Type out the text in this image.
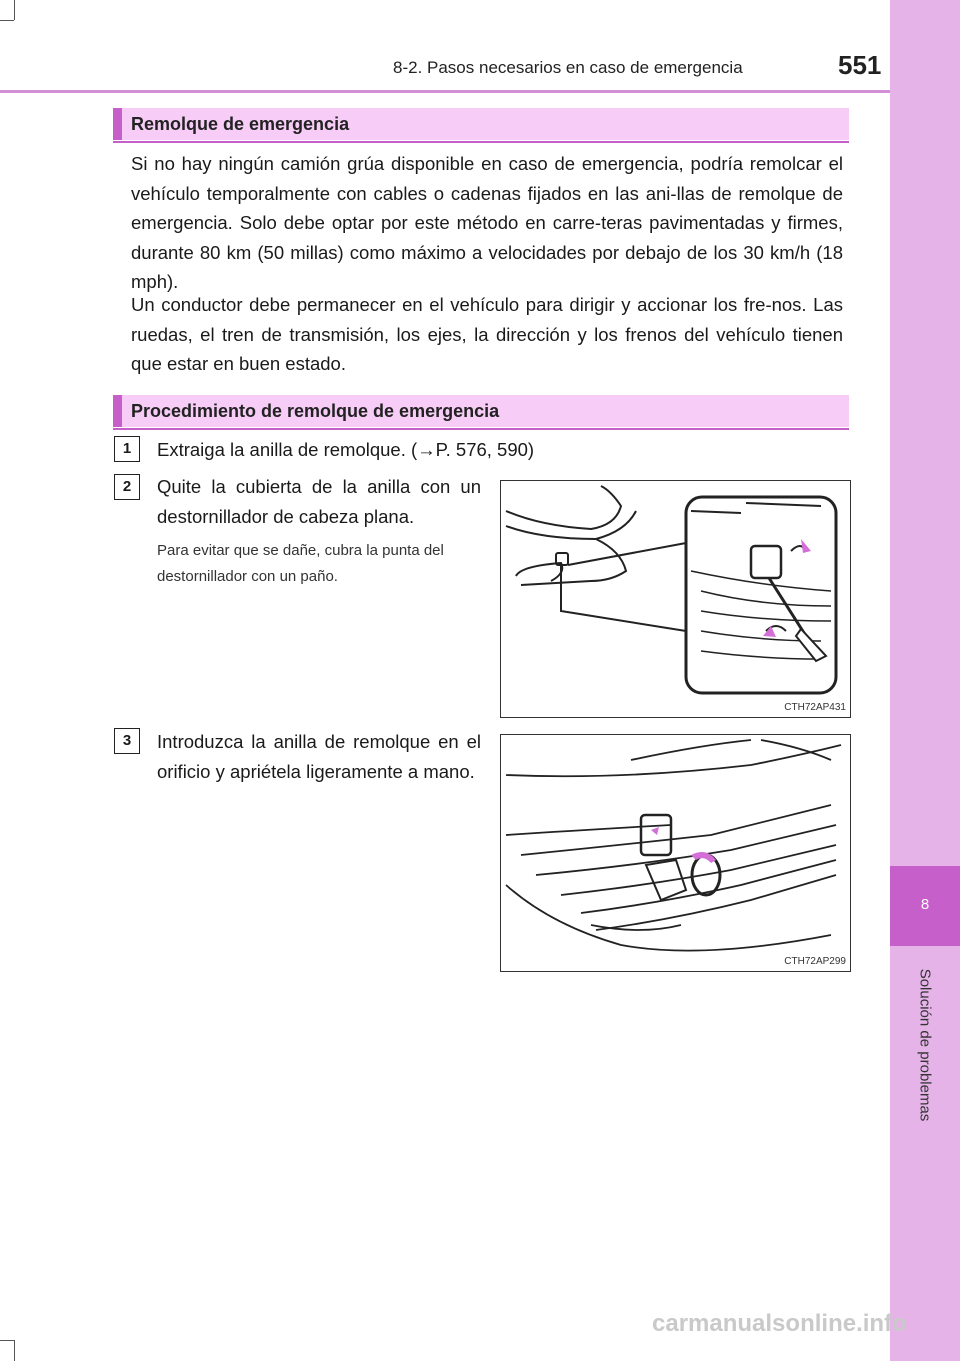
8-2. Pasos necesarios en caso de emergencia	551
8
Solución de problemas
Remolque de emergencia
Si no hay ningún camión grúa disponible en caso de emergencia, podría remolcar el vehículo temporalmente con cables o cadenas fijados en las ani-llas de remolque de emergencia. Solo debe optar por este método en carre-teras pavimentadas y firmes, durante 80 km (50 millas) como máximo a velocidades por debajo de los 30 km/h (18 mph).
Un conductor debe permanecer en el vehículo para dirigir y accionar los fre-nos. Las ruedas, el tren de transmisión, los ejes, la dirección y los frenos del vehículo tienen que estar en buen estado.
Procedimiento de remolque de emergencia
1	Extraiga la anilla de remolque. (→P. 576, 590)
2	Quite la cubierta de la anilla con un destornillador de cabeza plana.
Para evitar que se dañe, cubra la punta del destornillador con un paño.
CTH72AP431
3	Introduzca la anilla de remolque en el orificio y apriétela ligeramente a mano.
CTH72AP299
carmanualsonline.info
